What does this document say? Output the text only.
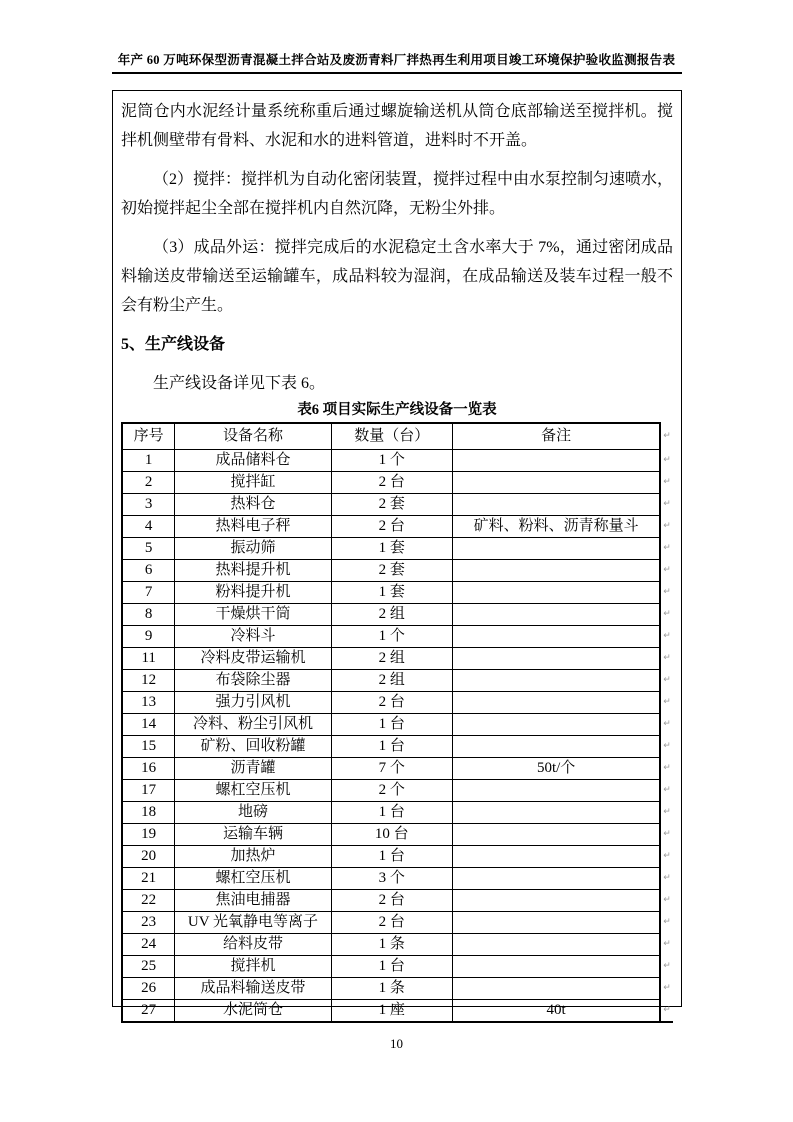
年产 60 万吨环保型沥青混凝土拌合站及废沥青料厂拌热再生利用项目竣工环境保护验收监测报告表

泥筒仓内水泥经计量系统称重后通过螺旋输送机从筒仓底部输送至搅拌机。搅拌机侧壁带有骨料、水泥和水的进料管道，进料时不开盖。

（2）搅拌：搅拌机为自动化密闭装置，搅拌过程中由水泵控制匀速喷水，初始搅拌起尘全部在搅拌机内自然沉降，无粉尘外排。

（3）成品外运：搅拌完成后的水泥稳定土含水率大于 7%，通过密闭成品料输送皮带输送至运输罐车，成品料较为湿润，在成品输送及装车过程一般不会有粉尘产生。

5、生产线设备

生产线设备详见下表 6。

表6 项目实际生产线设备一览表
序号	设备名称	数量（台）	备注	↵
1	成品储料仓	1 个		↵
2	搅拌缸	2 台		↵
3	热料仓	2 套		↵
4	热料电子秤	2 台	矿料、粉料、沥青称量斗	↵
5	振动筛	1 套		↵
6	热料提升机	2 套		↵
7	粉料提升机	1 套		↵
8	干燥烘干筒	2 组		↵
9	冷料斗	1 个		↵
11	冷料皮带运输机	2 组		↵
12	布袋除尘器	2 组		↵
13	强力引风机	2 台		↵
14	冷料、粉尘引风机	1 台		↵
15	矿粉、回收粉罐	1 台		↵
16	沥青罐	7 个	50t/个	↵
17	螺杠空压机	2 个		↵
18	地磅	1 台		↵
19	运输车辆	10 台		↵
20	加热炉	1 台		↵
21	螺杠空压机	3 个		↵
22	焦油电捕器	2 台		↵
23	UV 光氧静电等离子	2 台		↵
24	给料皮带	1 条		↵
25	搅拌机	1 台		↵
26	成品料输送皮带	1 条		↵
27	水泥筒仓	1 座	40t	↵
10
